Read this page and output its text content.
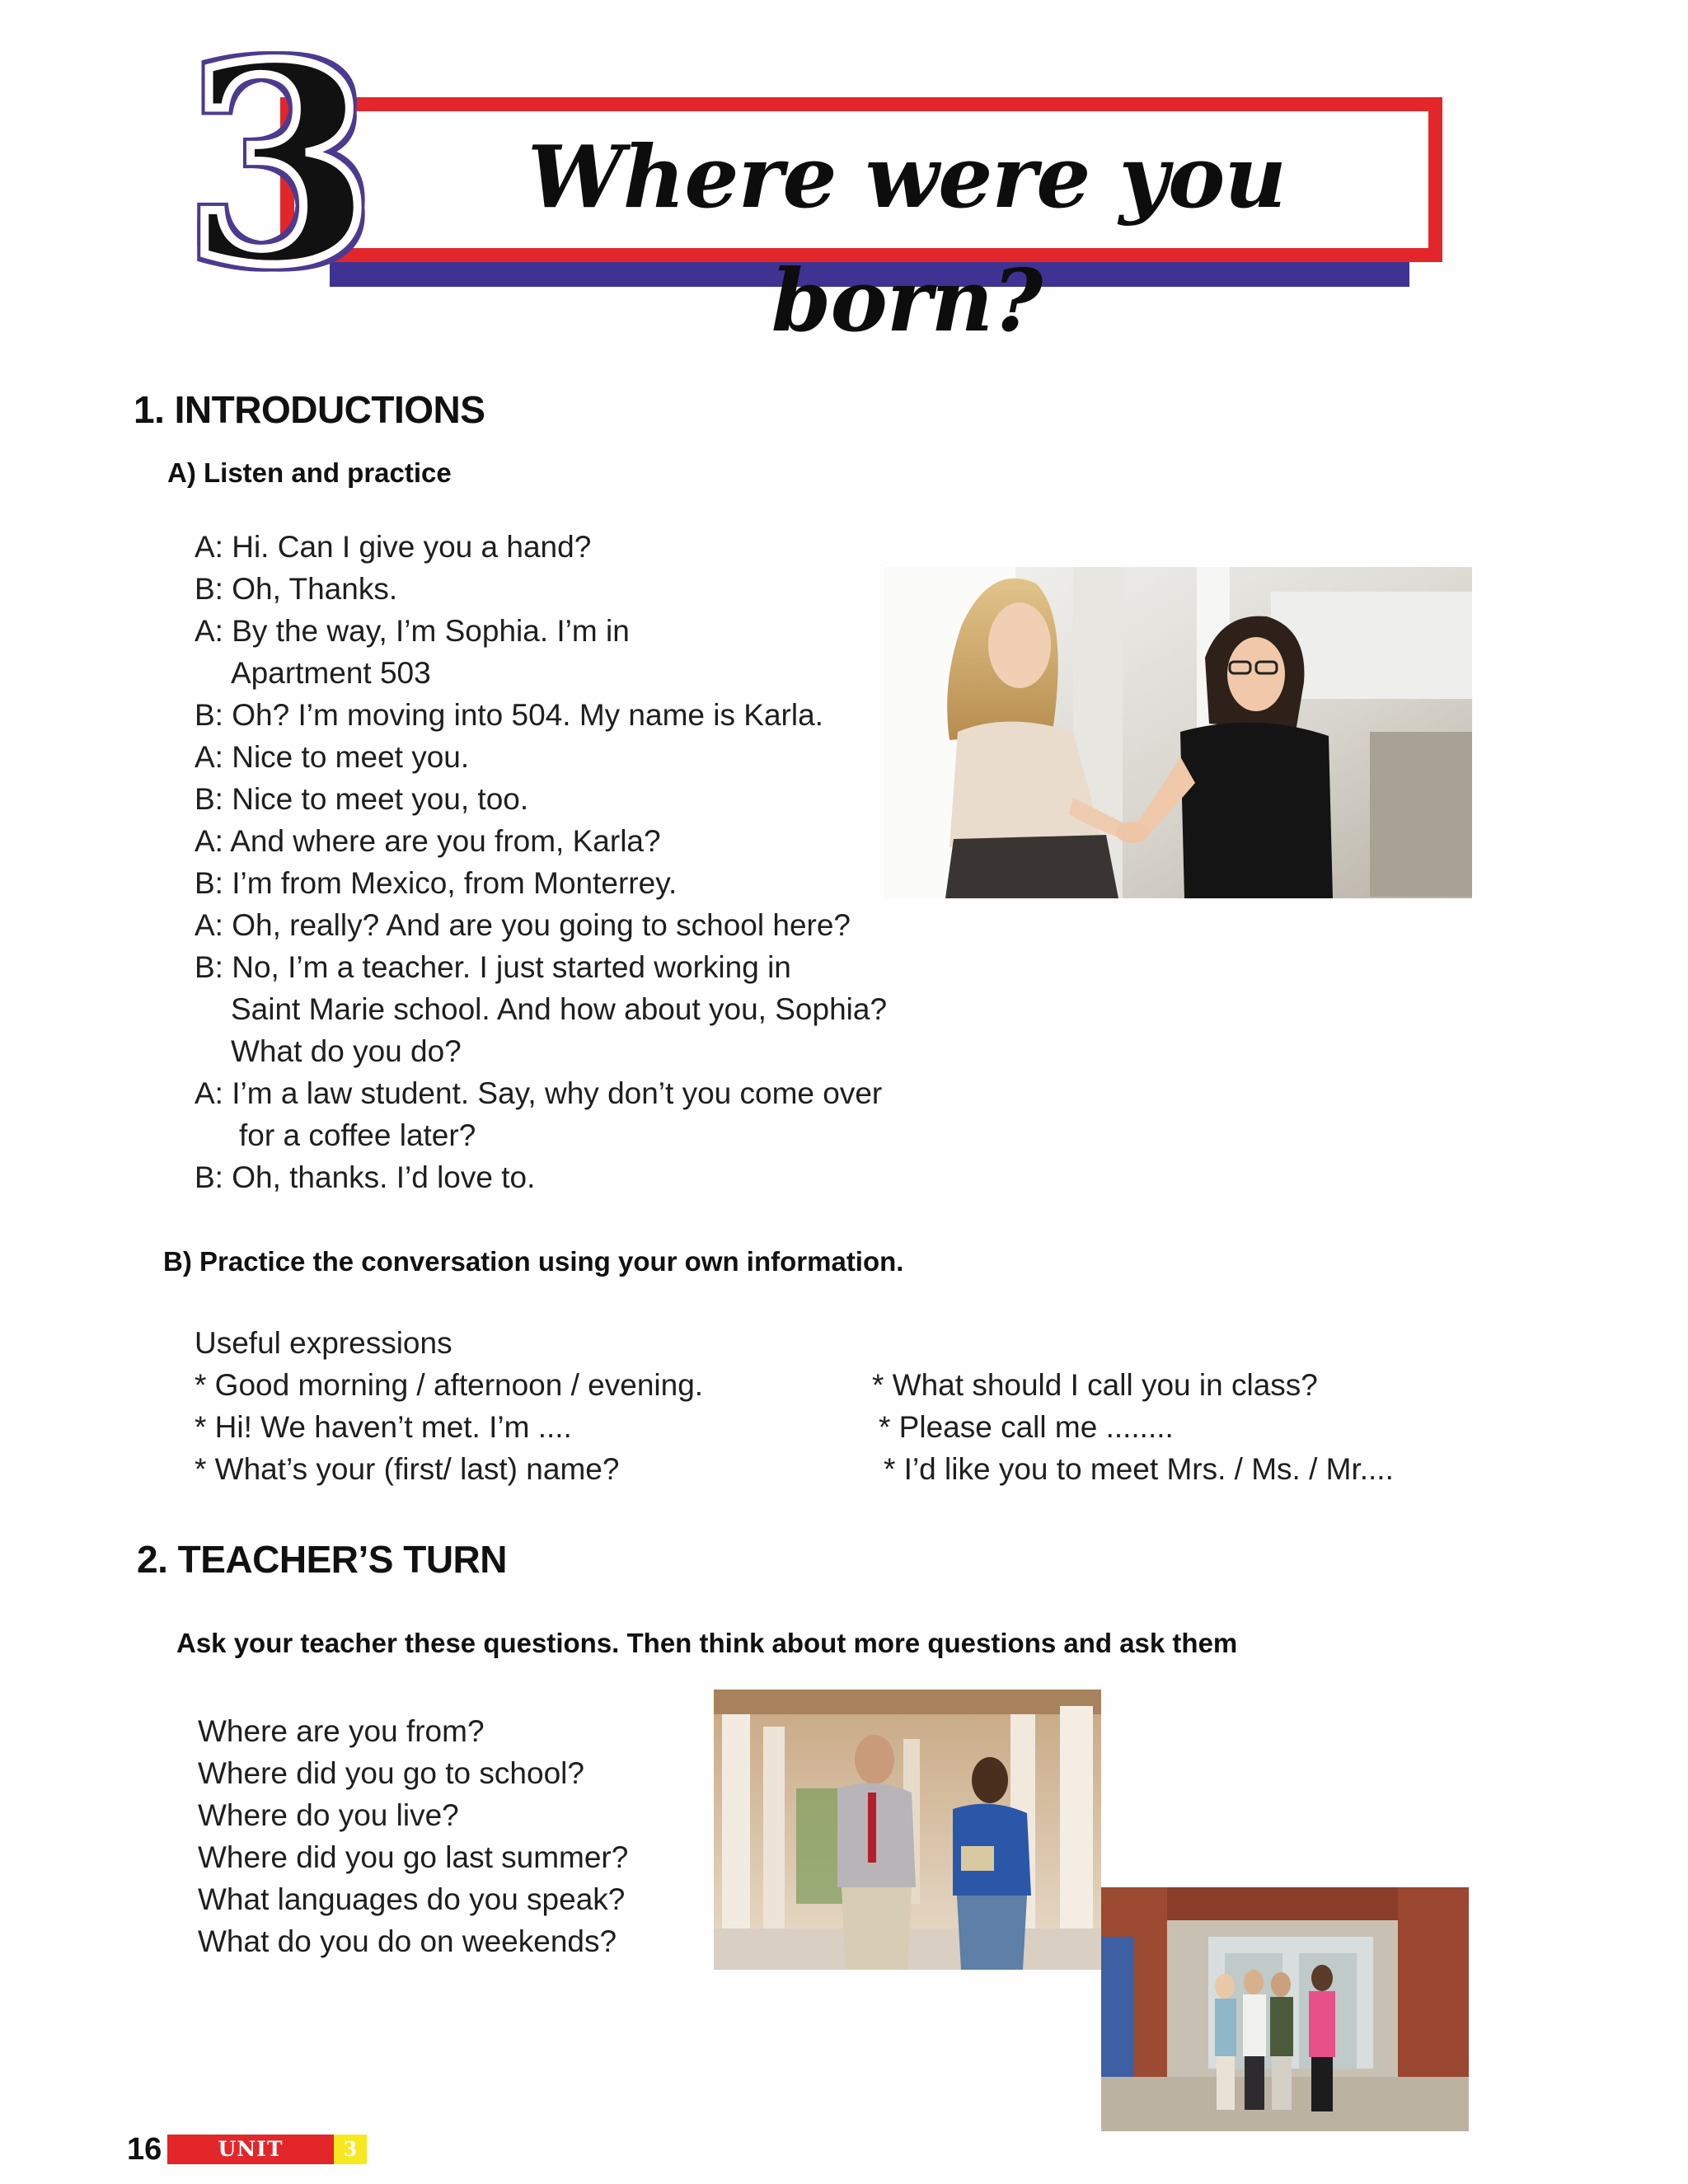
Where were you born?
3
1. INTRODUCTIONS
A) Listen and practice
A: Hi. Can I give you a hand?
B: Oh, Thanks.
A: By the way, I’m Sophia. I’m in
Apartment 503
B: Oh? I’m moving into 504. My name is Karla.
A: Nice to meet you.
B: Nice to meet you, too.
A: And where are you from, Karla?
B: I’m from Mexico, from Monterrey.
A: Oh, really? And are you going to school here?
B: No, I’m a teacher. I just started working in
Saint Marie school. And how about you, Sophia?
What do you do?
A: I’m a law student. Say, why don’t you come over
for a coffee later?
B: Oh, thanks. I’d love to.
B) Practice the conversation using your own information.
Useful expressions
* Good morning / afternoon / evening.
* Hi! We haven’t met. I’m ....
* What’s your (first/ last) name?
* What should I call you in class?
* Please call me ........
* I’d like you to meet Mrs. / Ms. / Mr....
2. TEACHER’S TURN
Ask your teacher these questions. Then think about more questions and ask them
Where are you from?
Where did you go to school?
Where do you live?
Where did you go last summer?
What languages do you speak?
What do you do on weekends?
16	UNIT	3
